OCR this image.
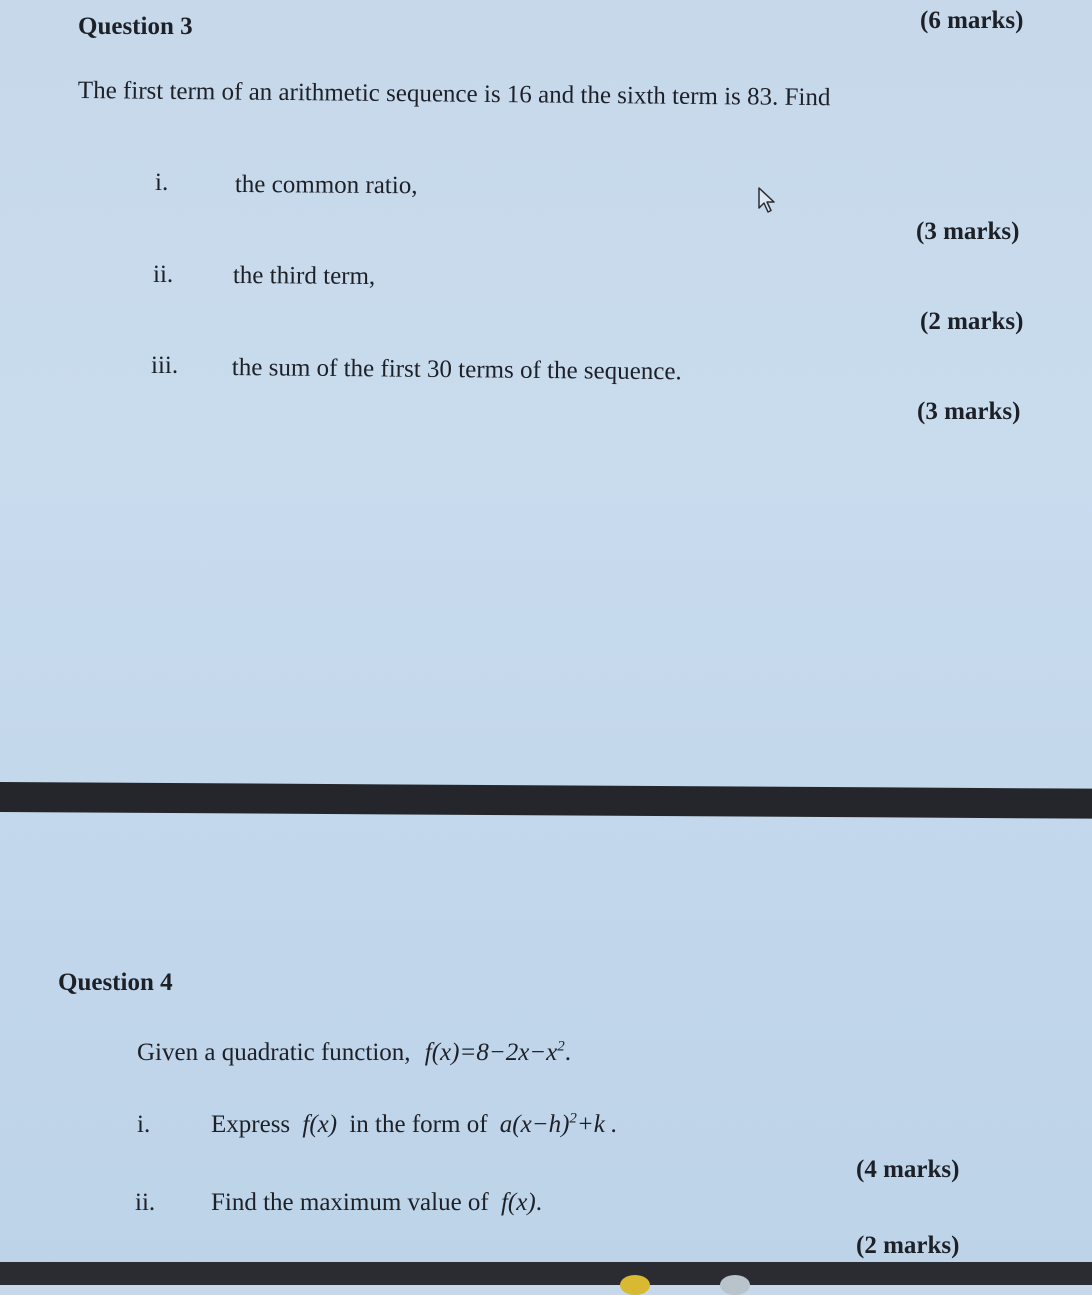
Question 3	(6 marks)
The first term of an arithmetic sequence is 16 and the sixth term is 83. Find
i.	the common ratio,
(3 marks)
ii. the third term,
(2 marks)
iii. the sum of the first 30 terms of the sequence.
(3 marks)
Question 4
Given a quadratic function, $f(x)=8-2x-x^2$.
i. Express f(x) in the form of $a(x-h)^2+k$ .
(4 marks)
ii. Find the maximum value of f(x).
(2 marks)
